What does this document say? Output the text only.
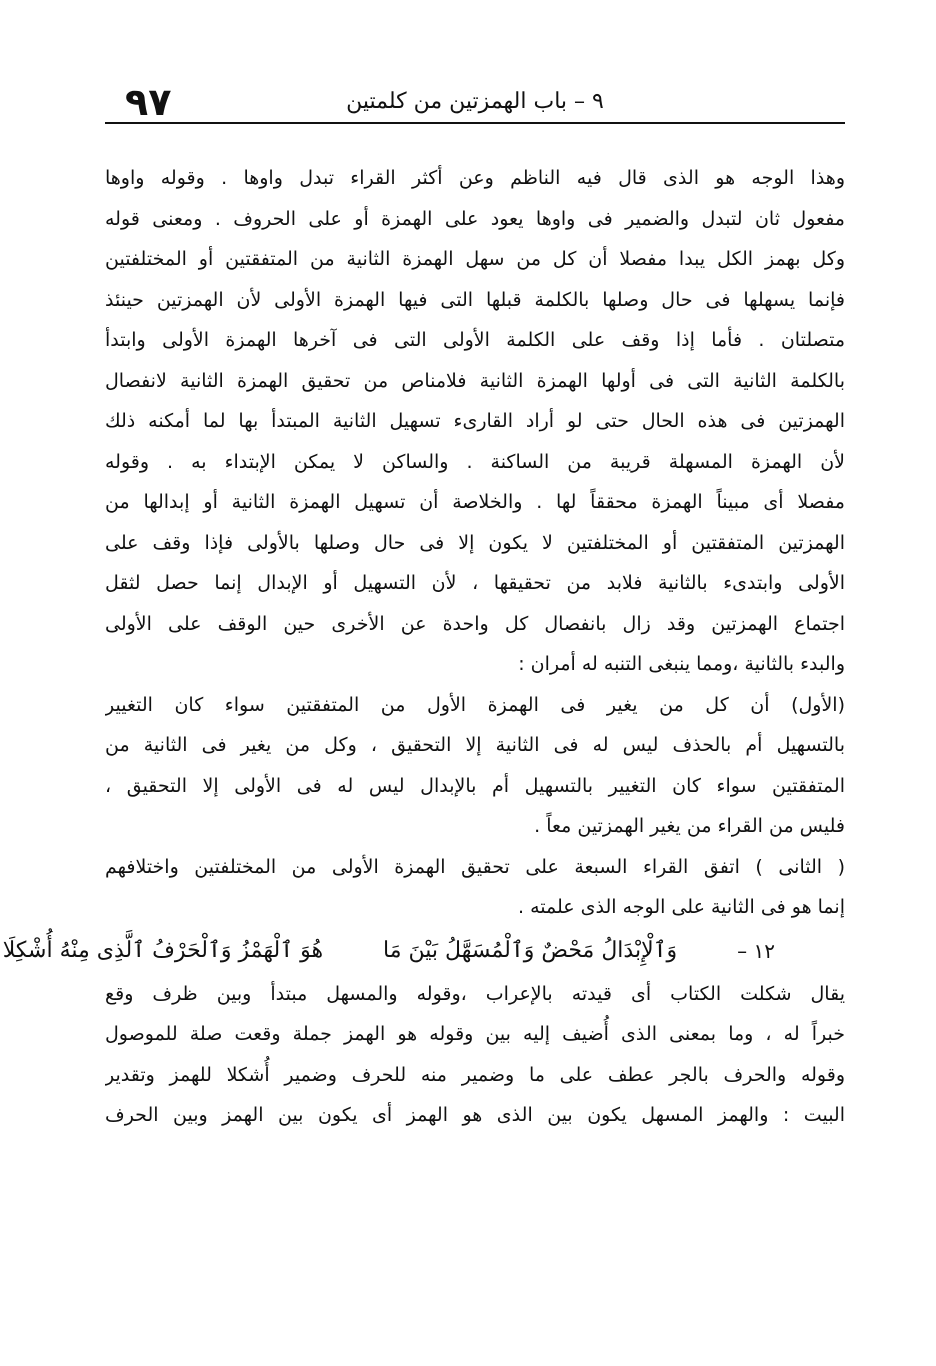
٩ – باب الهمزتين من كلمتين
٩٧
وهذا الوجه هو الذى قال فيه الناظم وعن أكثر القراء تبدل واوها . وقوله واوها
مفعول ثان لتبدل والضمير فى واوها يعود على الهمزة أو على الحروف . ومعنى قوله
وكل بهمز الكل يبدا مفصلا أن كل من سهل الهمزة الثانية من المتفقتين أو المختلفتين
فإنما يسهلها فى حال وصلها بالكلمة قبلها التى فيها الهمزة الأولى لأن الهمزتين حينئذ
متصلتان . فأما إذا وقف على الكلمة الأولى التى فى آخرها الهمزة الأولى وابتدأ
بالكلمة الثانية التى فى أولها الهمزة الثانية فلامناص من تحقيق الهمزة الثانية لانفصال
الهمزتين فى هذه الحال حتى لو أراد القارىء تسهيل الثانية المبتدأ بها لما أمكنه ذلك
لأن الهمزة المسهلة قريبة من الساكنة . والساكن لا يمكن الإبتداء به . وقوله
مفصلا أى مبيناً الهمزة محققاً لها . والخلاصة أن تسهيل الهمزة الثانية أو إبدالها من
الهمزتين المتفقتين أو المختلفتين لا يكون إلا فى حال وصلها بالأولى فإذا وقف على
الأولى وابتدىء بالثانية فلابد من تحقيقها ، لأن التسهيل أو الإبدال إنما حصل لثقل
اجتماع الهمزتين وقد زال بانفصال كل واحدة عن الأخرى حين الوقف على الأولى
والبدء بالثانية ،ومما ينبغى التنبه له أمران :
(الأول) أن كل من يغير فى الهمزة الأول من المتفقتين سواء كان التغيير
بالتسهيل أم بالحذف ليس له فى الثانية إلا التحقيق ، وكل من يغير فى الثانية من
المتفقتين سواء كان التغيير بالتسهيل أم بالإبدال ليس له فى الأولى إلا التحقيق ،
فليس من القراء من يغير الهمزتين معاً .
( الثانى ) اتفق القراء السبعة على تحقيق الهمزة الأولى من المختلفتين واختلافهم
إنما هو فى الثانية على الوجه الذى علمته .
١٢ –
وَٱلْإِبْدَالُ مَحْضٌ وَٱلْمُسَهَّلُ بَيْنَ مَا
هُوَ ٱلْهَمْزُ وَٱلْحَرْفُ ٱلَّذِى مِنْهُ أُشْكِلَا
يقال شكلت الكتاب أى قيدته بالإعراب ،وقوله والمسهل مبتدأ وبين ظرف وقع
خبراً له ، وما بمعنى الذى أُضيف إليه بين وقوله هو الهمز جملة وقعت صلة للموصول
وقوله والحرف بالجر عطف على ما وضمير منه للحرف وضمير أُشكلا للهمز وتقدير
البيت : والهمز المسهل يكون بين الذى هو الهمز أى يكون بين الهمز وبين الحرف
